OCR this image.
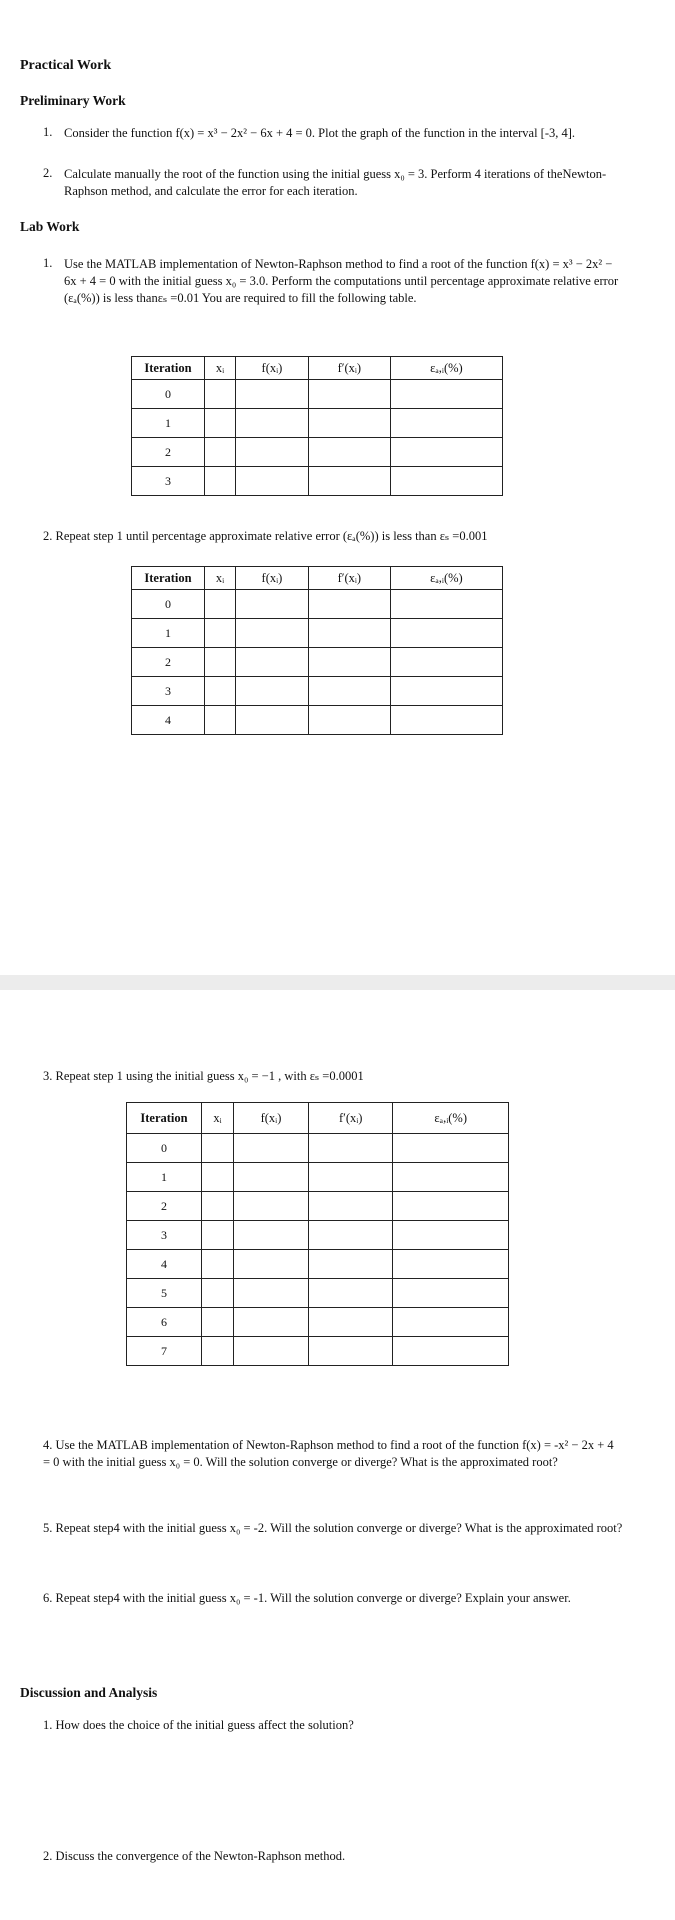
Practical Work
Preliminary Work
1. Consider the function f(x) = x³ − 2x² − 6x + 4 = 0. Plot the graph of the function in the interval [-3, 4].
2. Calculate manually the root of the function using the initial guess x₀ = 3. Perform 4 iterations of theNewton-Raphson method, and calculate the error for each iteration.
Lab Work
1. Use the MATLAB implementation of Newton-Raphson method to find a root of the function f(x) = x³ − 2x² − 6x + 4 = 0 with the initial guess x₀ = 3.0. Perform the computations until percentage approximate relative error (εₐ(%)) is less thanεₛ =0.01 You are required to fill the following table.
Iteration	xᵢ	f(xᵢ)	f′(xᵢ)	εₐ,ᵢ(%)
0				
1				
2				
3				
2. Repeat step 1 until percentage approximate relative error (εₐ(%)) is less than εₛ =0.001
Iteration	xᵢ	f(xᵢ)	f′(xᵢ)	εₐ,ᵢ(%)
0				
1				
2				
3				
4				
3. Repeat step 1 using the initial guess x₀ = −1 , with εₛ =0.0001
Iteration	xᵢ	f(xᵢ)	f′(xᵢ)	εₐ,ᵢ(%)
0				
1				
2				
3				
4				
5				
6				
7				
4. Use the MATLAB implementation of Newton-Raphson method to find a root of the function f(x) = -x² − 2x + 4 = 0 with the initial guess x₀ = 0. Will the solution converge or diverge? What is the approximated root?
5. Repeat step4 with the initial guess x₀ = -2. Will the solution converge or diverge? What is the approximated root?
6. Repeat step4 with the initial guess x₀ = -1. Will the solution converge or diverge? Explain your answer.
Discussion and Analysis
1. How does the choice of the initial guess affect the solution?
2. Discuss the convergence of the Newton-Raphson method.
